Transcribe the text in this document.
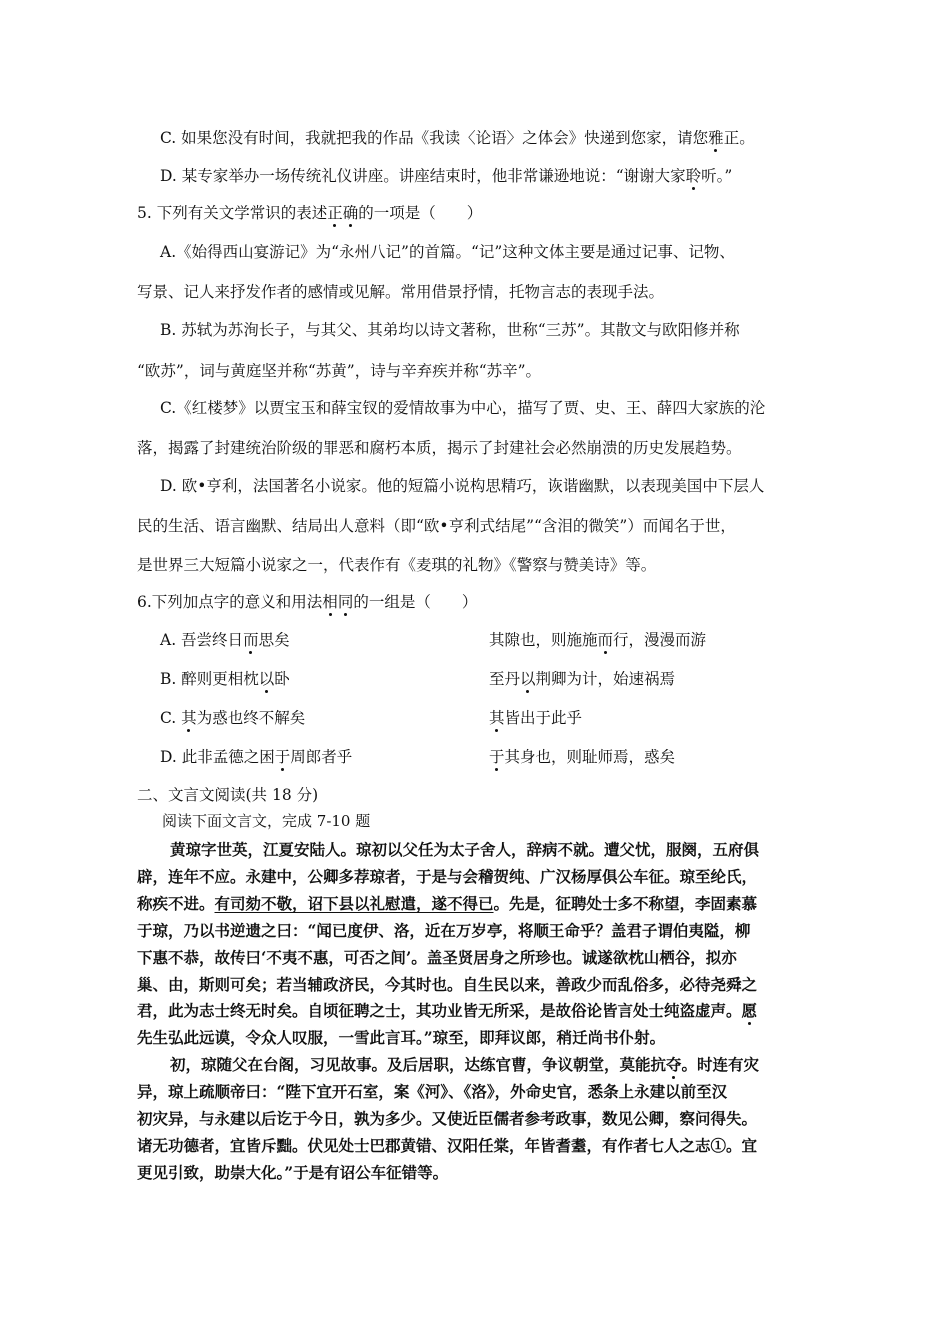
C. 如果您没有时间，我就把我的作品《我读〈论语〉之体会》快递到您家，请您雅正。
D. 某专家举办一场传统礼仪讲座。讲座结束时，他非常谦逊地说：“谢谢大家聆听。”
5. 下列有关文学常识的表述正确的一项是（　　）
A.《始得西山宴游记》为“永州八记”的首篇。“记”这种文体主要是通过记事、记物、
写景、记人来抒发作者的感情或见解。常用借景抒情，托物言志的表现手法。
B. 苏轼为苏洵长子，与其父、其弟均以诗文著称，世称“三苏”。其散文与欧阳修并称
“欧苏”，词与黄庭坚并称“苏黄”，诗与辛弃疾并称“苏辛”。
C.《红楼梦》以贾宝玉和薛宝钗的爱情故事为中心，描写了贾、史、王、薛四大家族的沦
落，揭露了封建统治阶级的罪恶和腐朽本质，揭示了封建社会必然崩溃的历史发展趋势。
D. 欧•亨利，法国著名小说家。他的短篇小说构思精巧，诙谐幽默，以表现美国中下层人
民的生活、语言幽默、结局出人意料（即“欧•亨利式结尾”“含泪的微笑”）而闻名于世，
是世界三大短篇小说家之一，代表作有《麦琪的礼物》《警察与赞美诗》等。
6.下列加点字的意义和用法相同的一组是（　　）
A. 吾尝终日而思矣	其隙也，则施施而行，漫漫而游
B. 醉则更相枕以卧	至丹以荆卿为计，始速祸焉
C. 其为惑也终不解矣	其皆出于此乎
D. 此非孟德之困于周郎者乎	于其身也，则耻师焉，惑矣
二、文言文阅读(共 18 分)
阅读下面文言文，完成 7-10 题
黄琼字世英，江夏安陆人。琼初以父任为太子舍人，辞病不就。遭父忧，服阕，五府俱
辟，连年不应。永建中，公卿多荐琼者，于是与会稽贺纯、广汉杨厚俱公车征。琼至纶氏，
称疾不进。有司劾不敬，诏下县以礼慰遣，遂不得已。先是，征聘处士多不称望，李固素慕
于琼，乃以书逆遗之曰：“闻已度伊、洛，近在万岁亭，将顺王命乎？盖君子谓伯夷隘，柳
下惠不恭，故传曰‘不夷不惠，可否之间’。盖圣贤居身之所珍也。诚遂欲枕山栖谷，拟亦
巢、由，斯则可矣；若当辅政济民，今其时也。自生民以来，善政少而乱俗多，必待尧舜之
君，此为志士终无时矣。自顷征聘之士，其功业皆无所采，是故俗论皆言处士纯盗虚声。愿
先生弘此远谟，令众人叹服，一雪此言耳。”琼至，即拜议郎，稍迁尚书仆射。
初，琼随父在台阁，习见故事。及后居职，达练官曹，争议朝堂，莫能抗夺。时连有灾
异，琼上疏顺帝曰：“陛下宜开石室，案《河》、《洛》，外命史官，悉条上永建以前至汉
初灾异，与永建以后讫于今日，孰为多少。又使近臣儒者参考政事，数见公卿，察问得失。
诸无功德者，宜皆斥黜。伏见处士巴郡黄错、汉阳任棠，年皆耆耋，有作者七人之志①。宜
更见引致，助崇大化。”于是有诏公车征错等。
